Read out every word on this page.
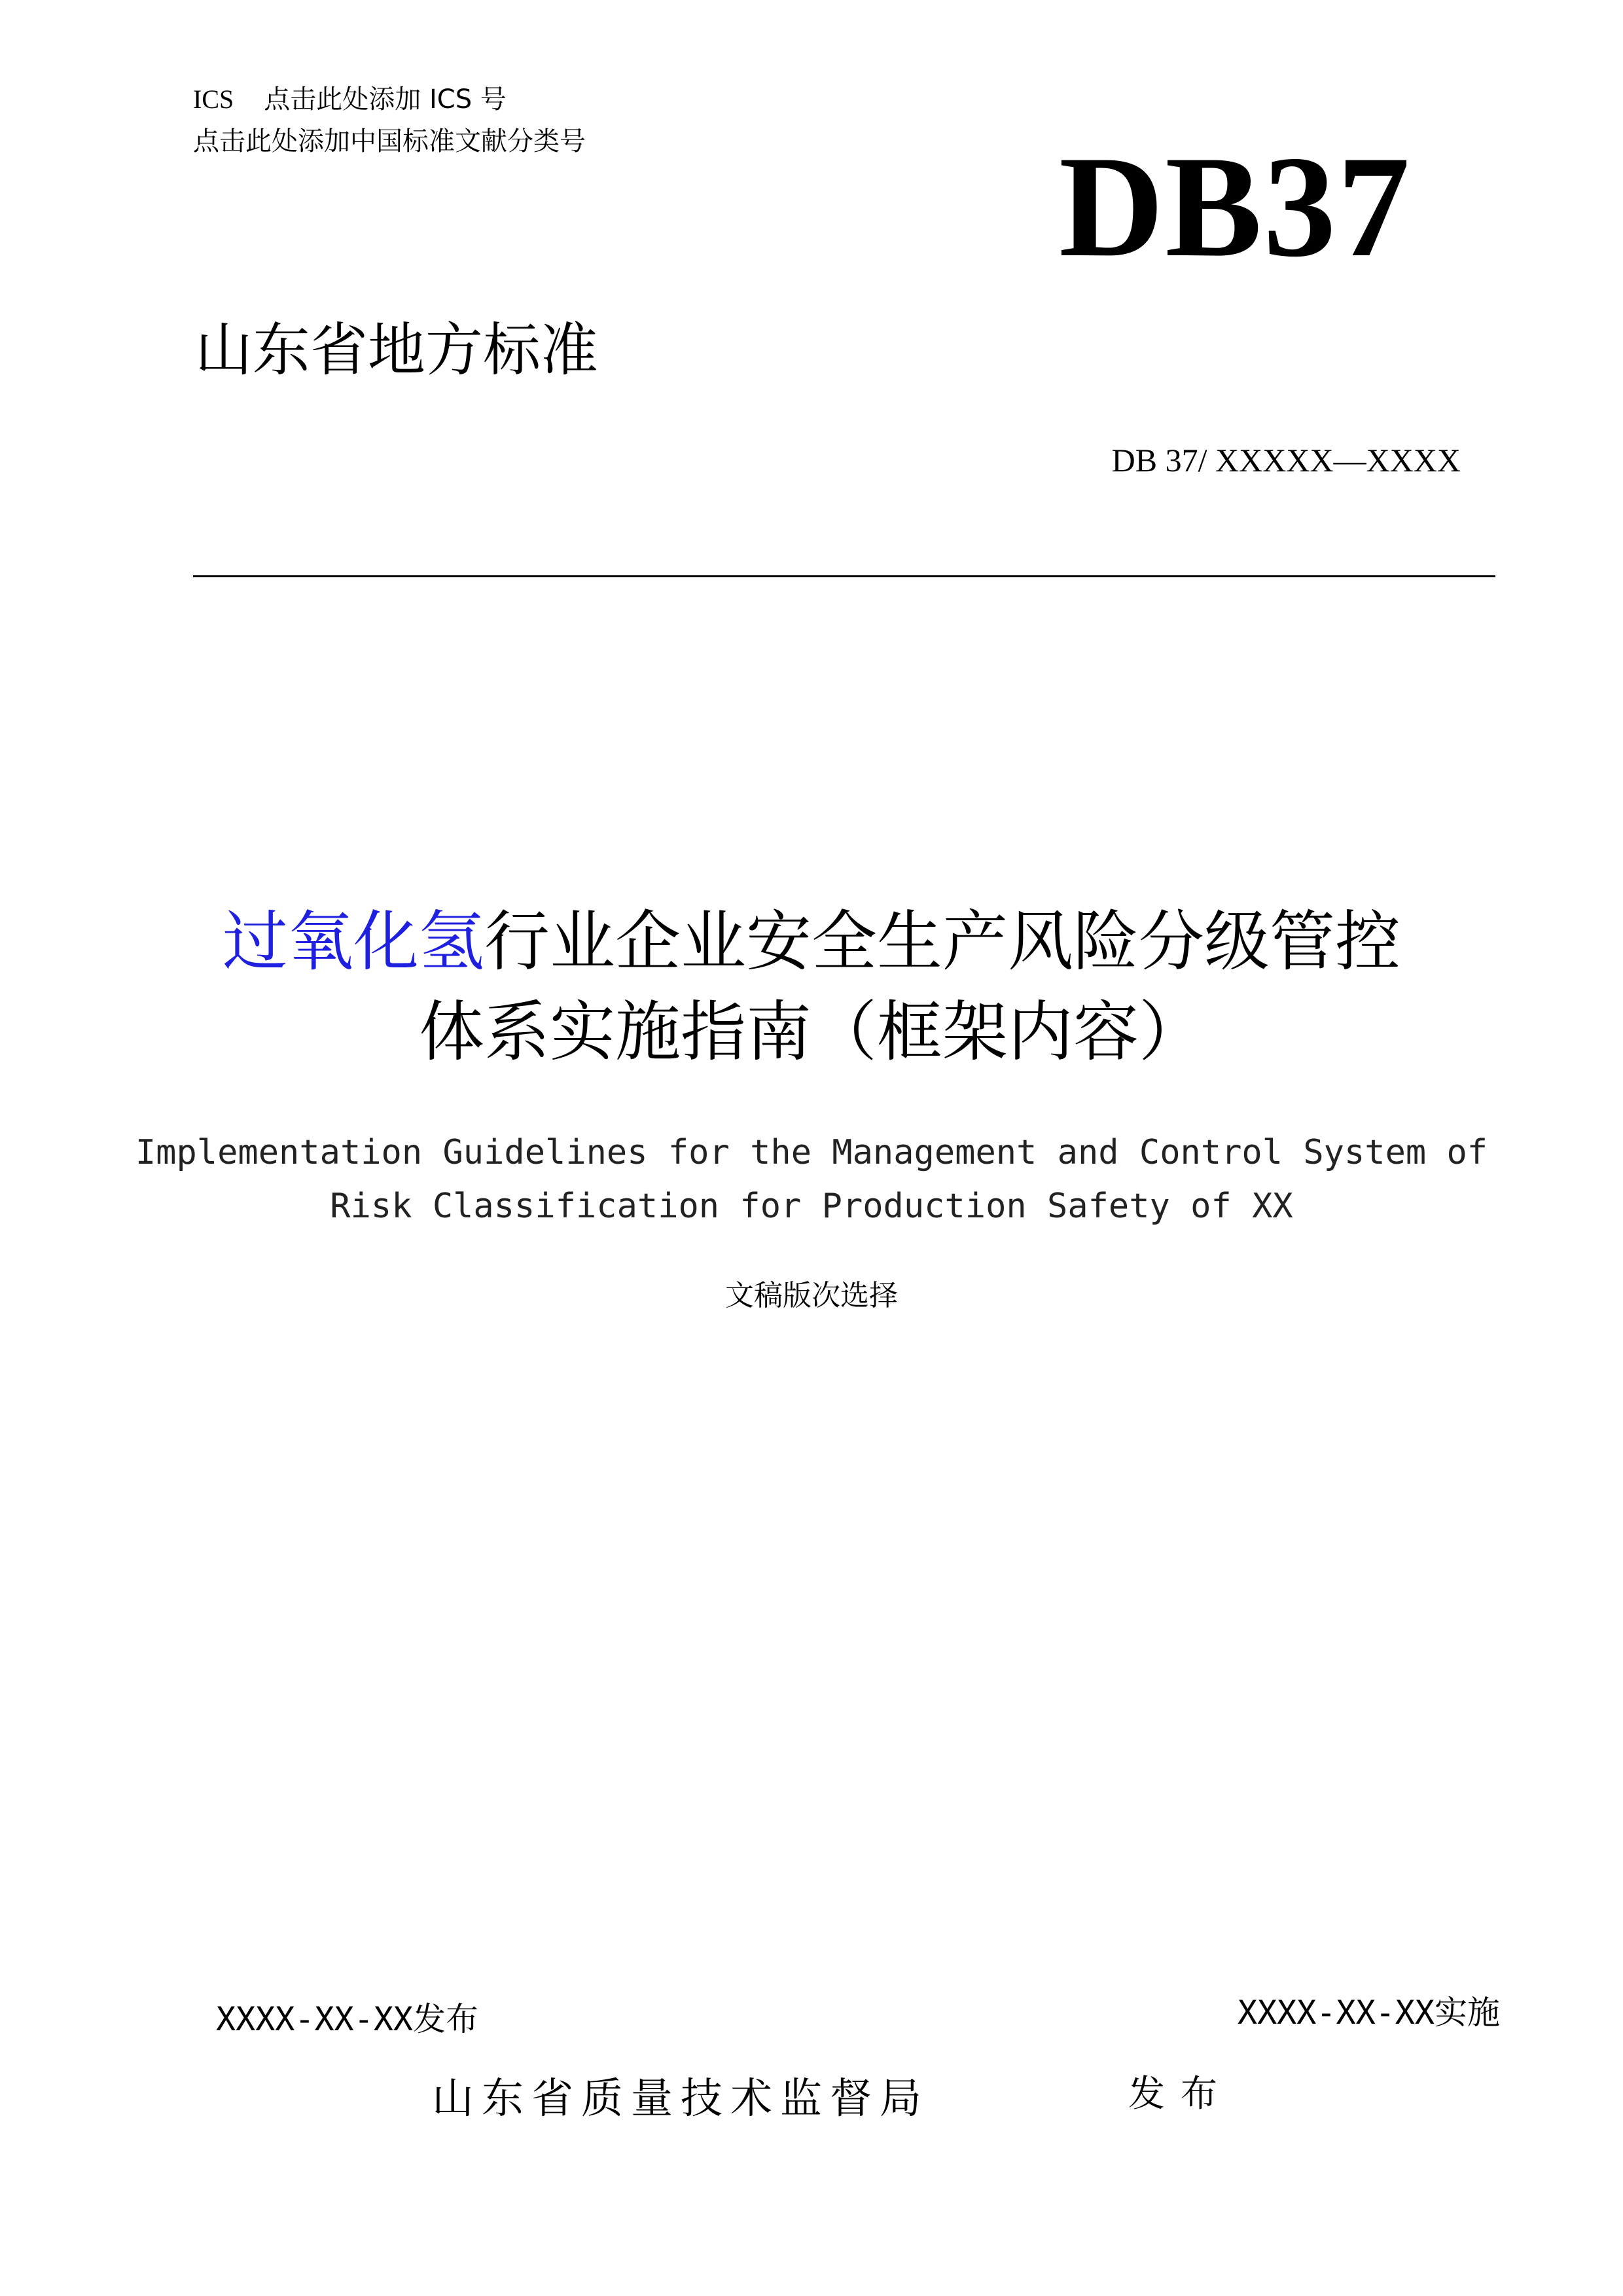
ICS 点击此处添加 ICS 号
点击此处添加中国标准文献分类号	DB37
山东省地方标准
DB 37/ XXXXX—XXXX
过氧化氢行业企业安全生产风险分级管控
体系实施指南（框架内容）
Implementation Guidelines for the Management and Control System of
Risk Classification for Production Safety of XX
文稿版次选择
XXXX-XX-XX发布	XXXX-XX-XX实施
山东省质量技术监督局	发布
